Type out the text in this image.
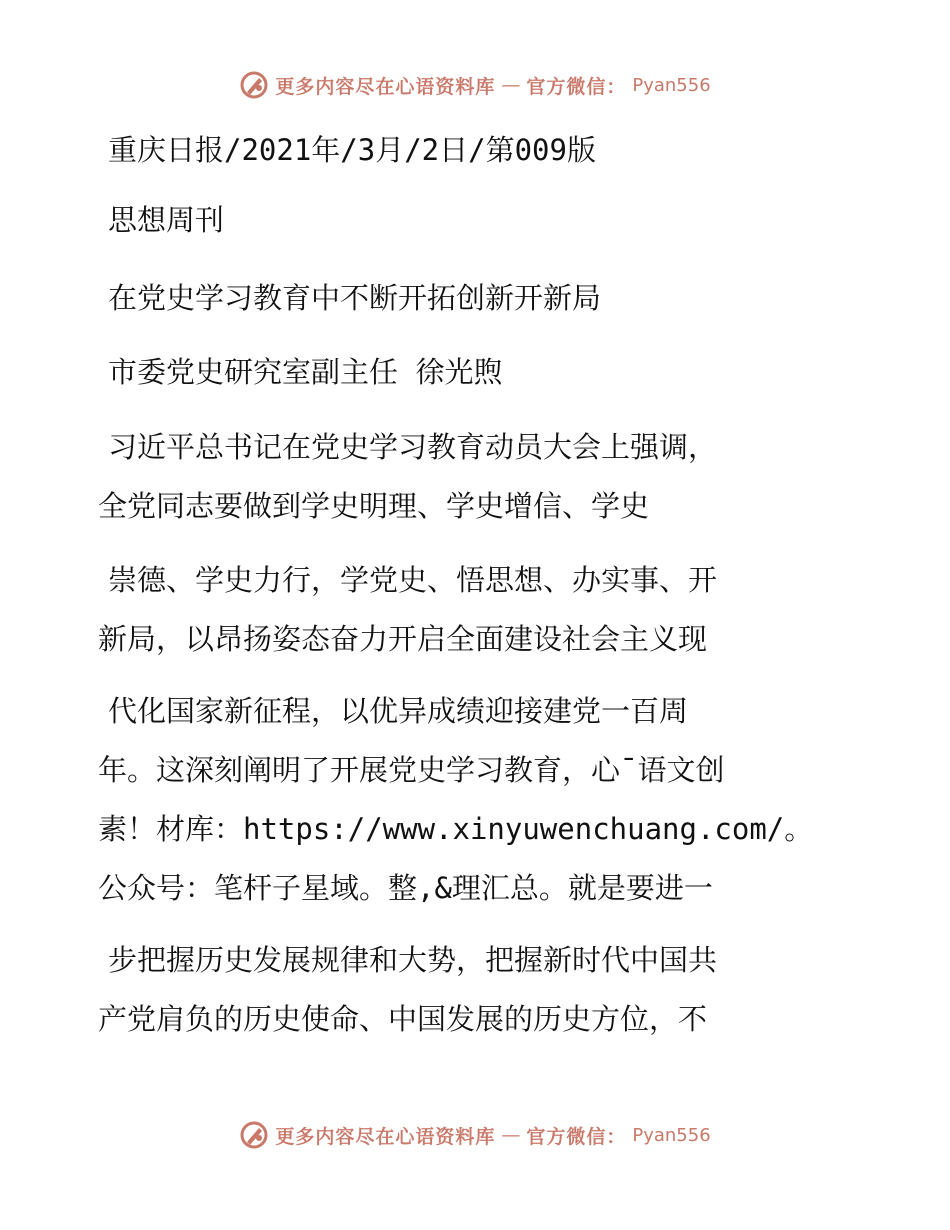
更多内容尽在心语资料库 — 官方微信： Pyan556
重庆日报/2021年/3月/2日/第009版
思想周刊
在党史学习教育中不断开拓创新开新局
市委党史研究室副主任 徐光煦
习近平总书记在党史学习教育动员大会上强调，
全党同志要做到学史明理、学史增信、学史
崇德、学史力行，学党史、悟思想、办实事、开
新局，以昂扬姿态奋力开启全面建设社会主义现
代化国家新征程，以优异成绩迎接建党一百周
年。这深刻阐明了开展党史学习教育，心¯语文创
素！材库：https://www.xinyuwenchuang.com/。
公众号：笔杆子星域。整,&理汇总。就是要进一
步把握历史发展规律和大势，把握新时代中国共
产党肩负的历史使命、中国发展的历史方位，不
更多内容尽在心语资料库 — 官方微信： Pyan556
